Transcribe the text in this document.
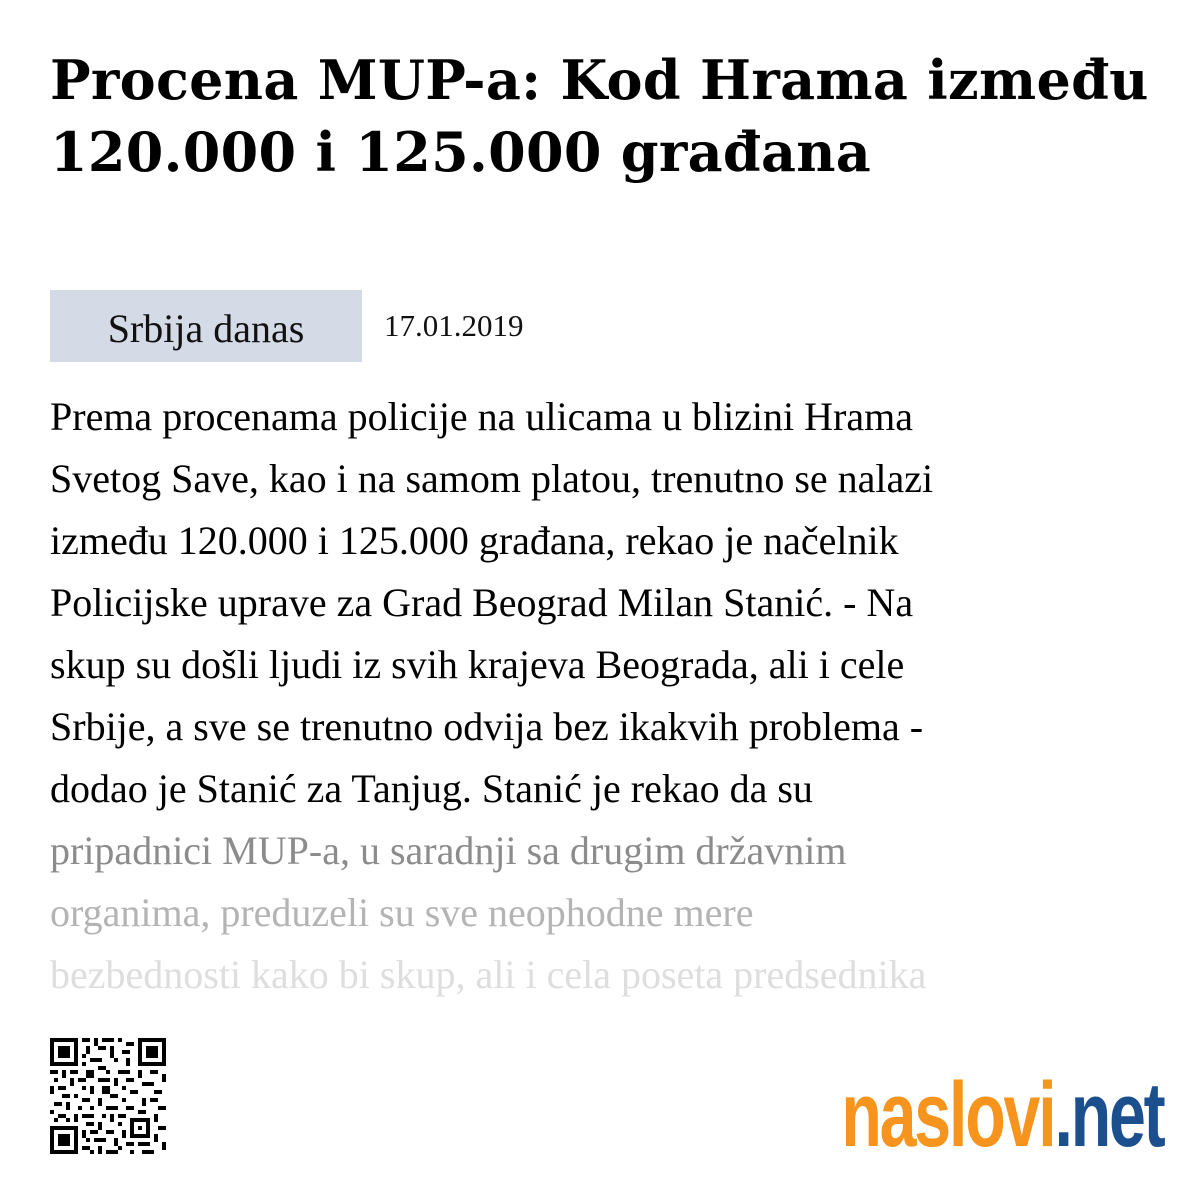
Procena MUP-a: Kod Hrama između 120.000 i 125.000 građana
Srbija danas	17.01.2019
Prema procenama policije na ulicama u blizini Hrama
Svetog Save, kao i na samom platou, trenutno se nalazi
između 120.000 i 125.000 građana, rekao je načelnik
Policijske uprave za Grad Beograd Milan Stanić. - Na
skup su došli ljudi iz svih krajeva Beograda, ali i cele
Srbije, a sve se trenutno odvija bez ikakvih problema -
dodao je Stanić za Tanjug. Stanić je rekao da su
pripadnici MUP-a, u saradnji sa drugim državnim
organima, preduzeli su sve neophodne mere
bezbednosti kako bi skup, ali i cela poseta predsednika
naslovi.net
